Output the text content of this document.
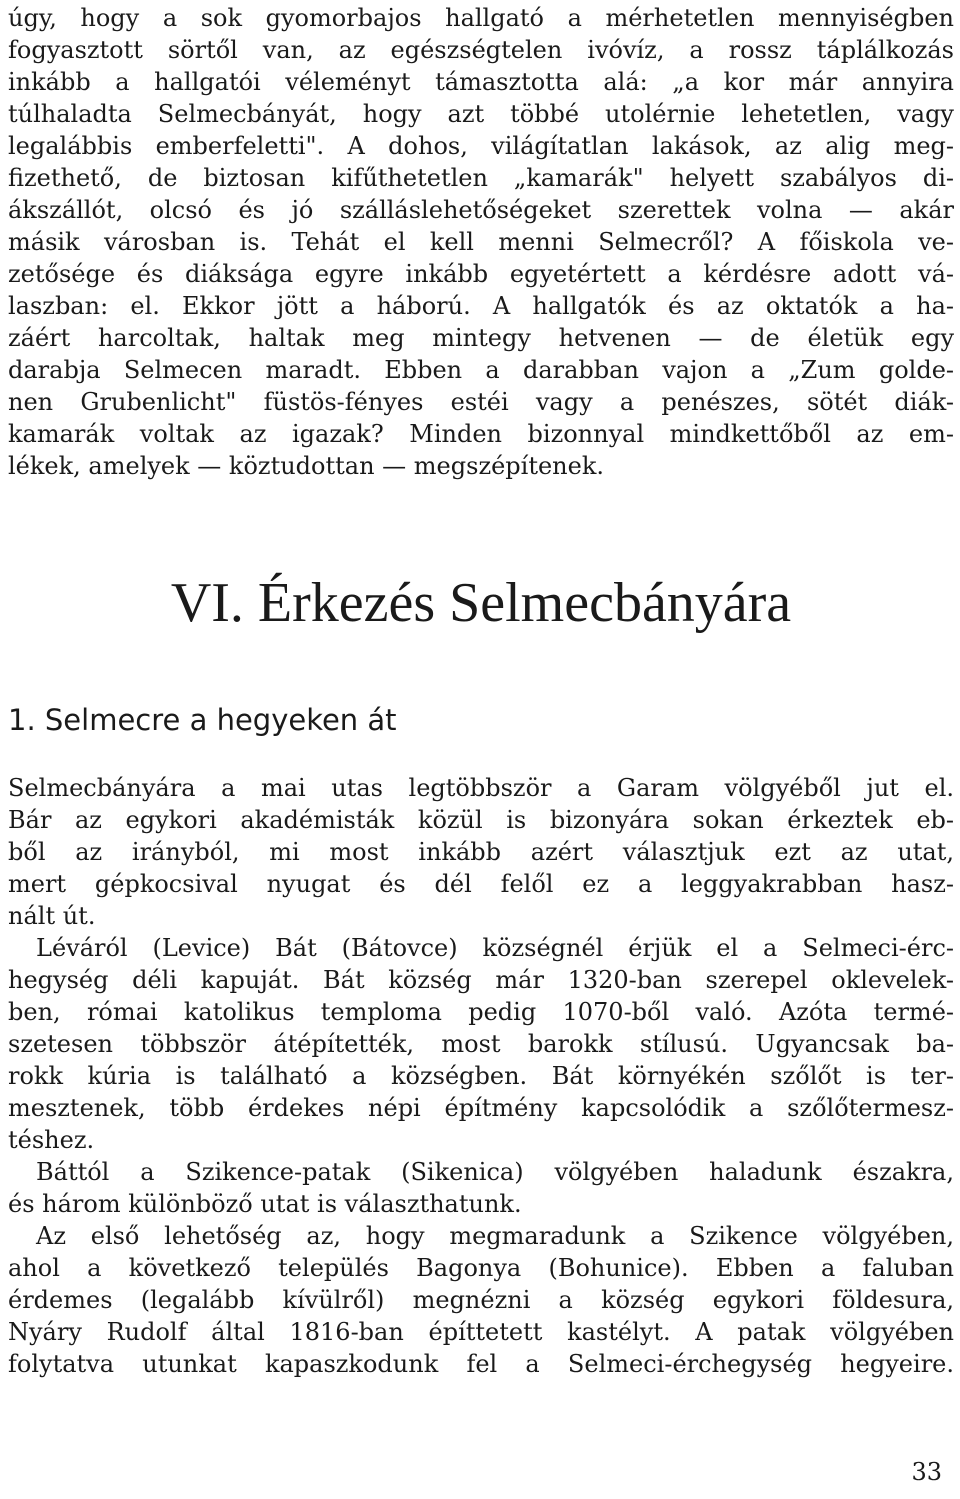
úgy, hogy a sok gyomorbajos hallgató a mérhetetlen mennyiségben
fogyasztott sörtől van, az egészségtelen ivóvíz, a rossz táplálkozás
inkább a hallgatói véleményt támasztotta alá: „a kor már annyira
túlhaladta Selmecbányát, hogy azt többé utolérnie lehetetlen, vagy
legalábbis emberfeletti". A dohos, világítatlan lakások, az alig meg-
fizethető, de biztosan kifűthetetlen „kamarák" helyett szabályos di-
ákszállót, olcsó és jó szálláslehetőségeket szerettek volna — akár
másik városban is. Tehát el kell menni Selmecről? A főiskola ve-
zetősége és diáksága egyre inkább egyetértett a kérdésre adott vá-
laszban: el. Ekkor jött a háború. A hallgatók és az oktatók a ha-
záért harcoltak, haltak meg mintegy hetvenen — de életük egy
darabja Selmecen maradt. Ebben a darabban vajon a „Zum golde-
nen Grubenlicht" füstös-fényes estéi vagy a penészes, sötét diák-
kamarák voltak az igazak? Minden bizonnyal mindkettőből az em-
lékek, amelyek — köztudottan — megszépítenek.
VI. Érkezés Selmecbányára
1. Selmecre a hegyeken át
Selmecbányára a mai utas legtöbbször a Garam völgyéből jut el.
Bár az egykori akadémisták közül is bizonyára sokan érkeztek eb-
ből az irányból, mi most inkább azért választjuk ezt az utat,
mert gépkocsival nyugat és dél felől ez a leggyakrabban hasz-
nált út.
Léváról (Levice) Bát (Bátovce) községnél érjük el a Selmeci-érc-
hegység déli kapuját. Bát község már 1320-ban szerepel oklevelek-
ben, római katolikus temploma pedig 1070-ből való. Azóta termé-
szetesen többször átépítették, most barokk stílusú. Ugyancsak ba-
rokk kúria is található a községben. Bát környékén szőlőt is ter-
mesztenek, több érdekes népi építmény kapcsolódik a szőlőtermesz-
téshez.
Báttól a Szikence-patak (Sikenica) völgyében haladunk északra,
és három különböző utat is választhatunk.
Az első lehetőség az, hogy megmaradunk a Szikence völgyében,
ahol a következő település Bagonya (Bohunice). Ebben a faluban
érdemes (legalább kívülről) megnézni a község egykori földesura,
Nyáry Rudolf által 1816-ban építtetett kastélyt. A patak völgyében
folytatva utunkat kapaszkodunk fel a Selmeci-érchegység hegyeire.
33
